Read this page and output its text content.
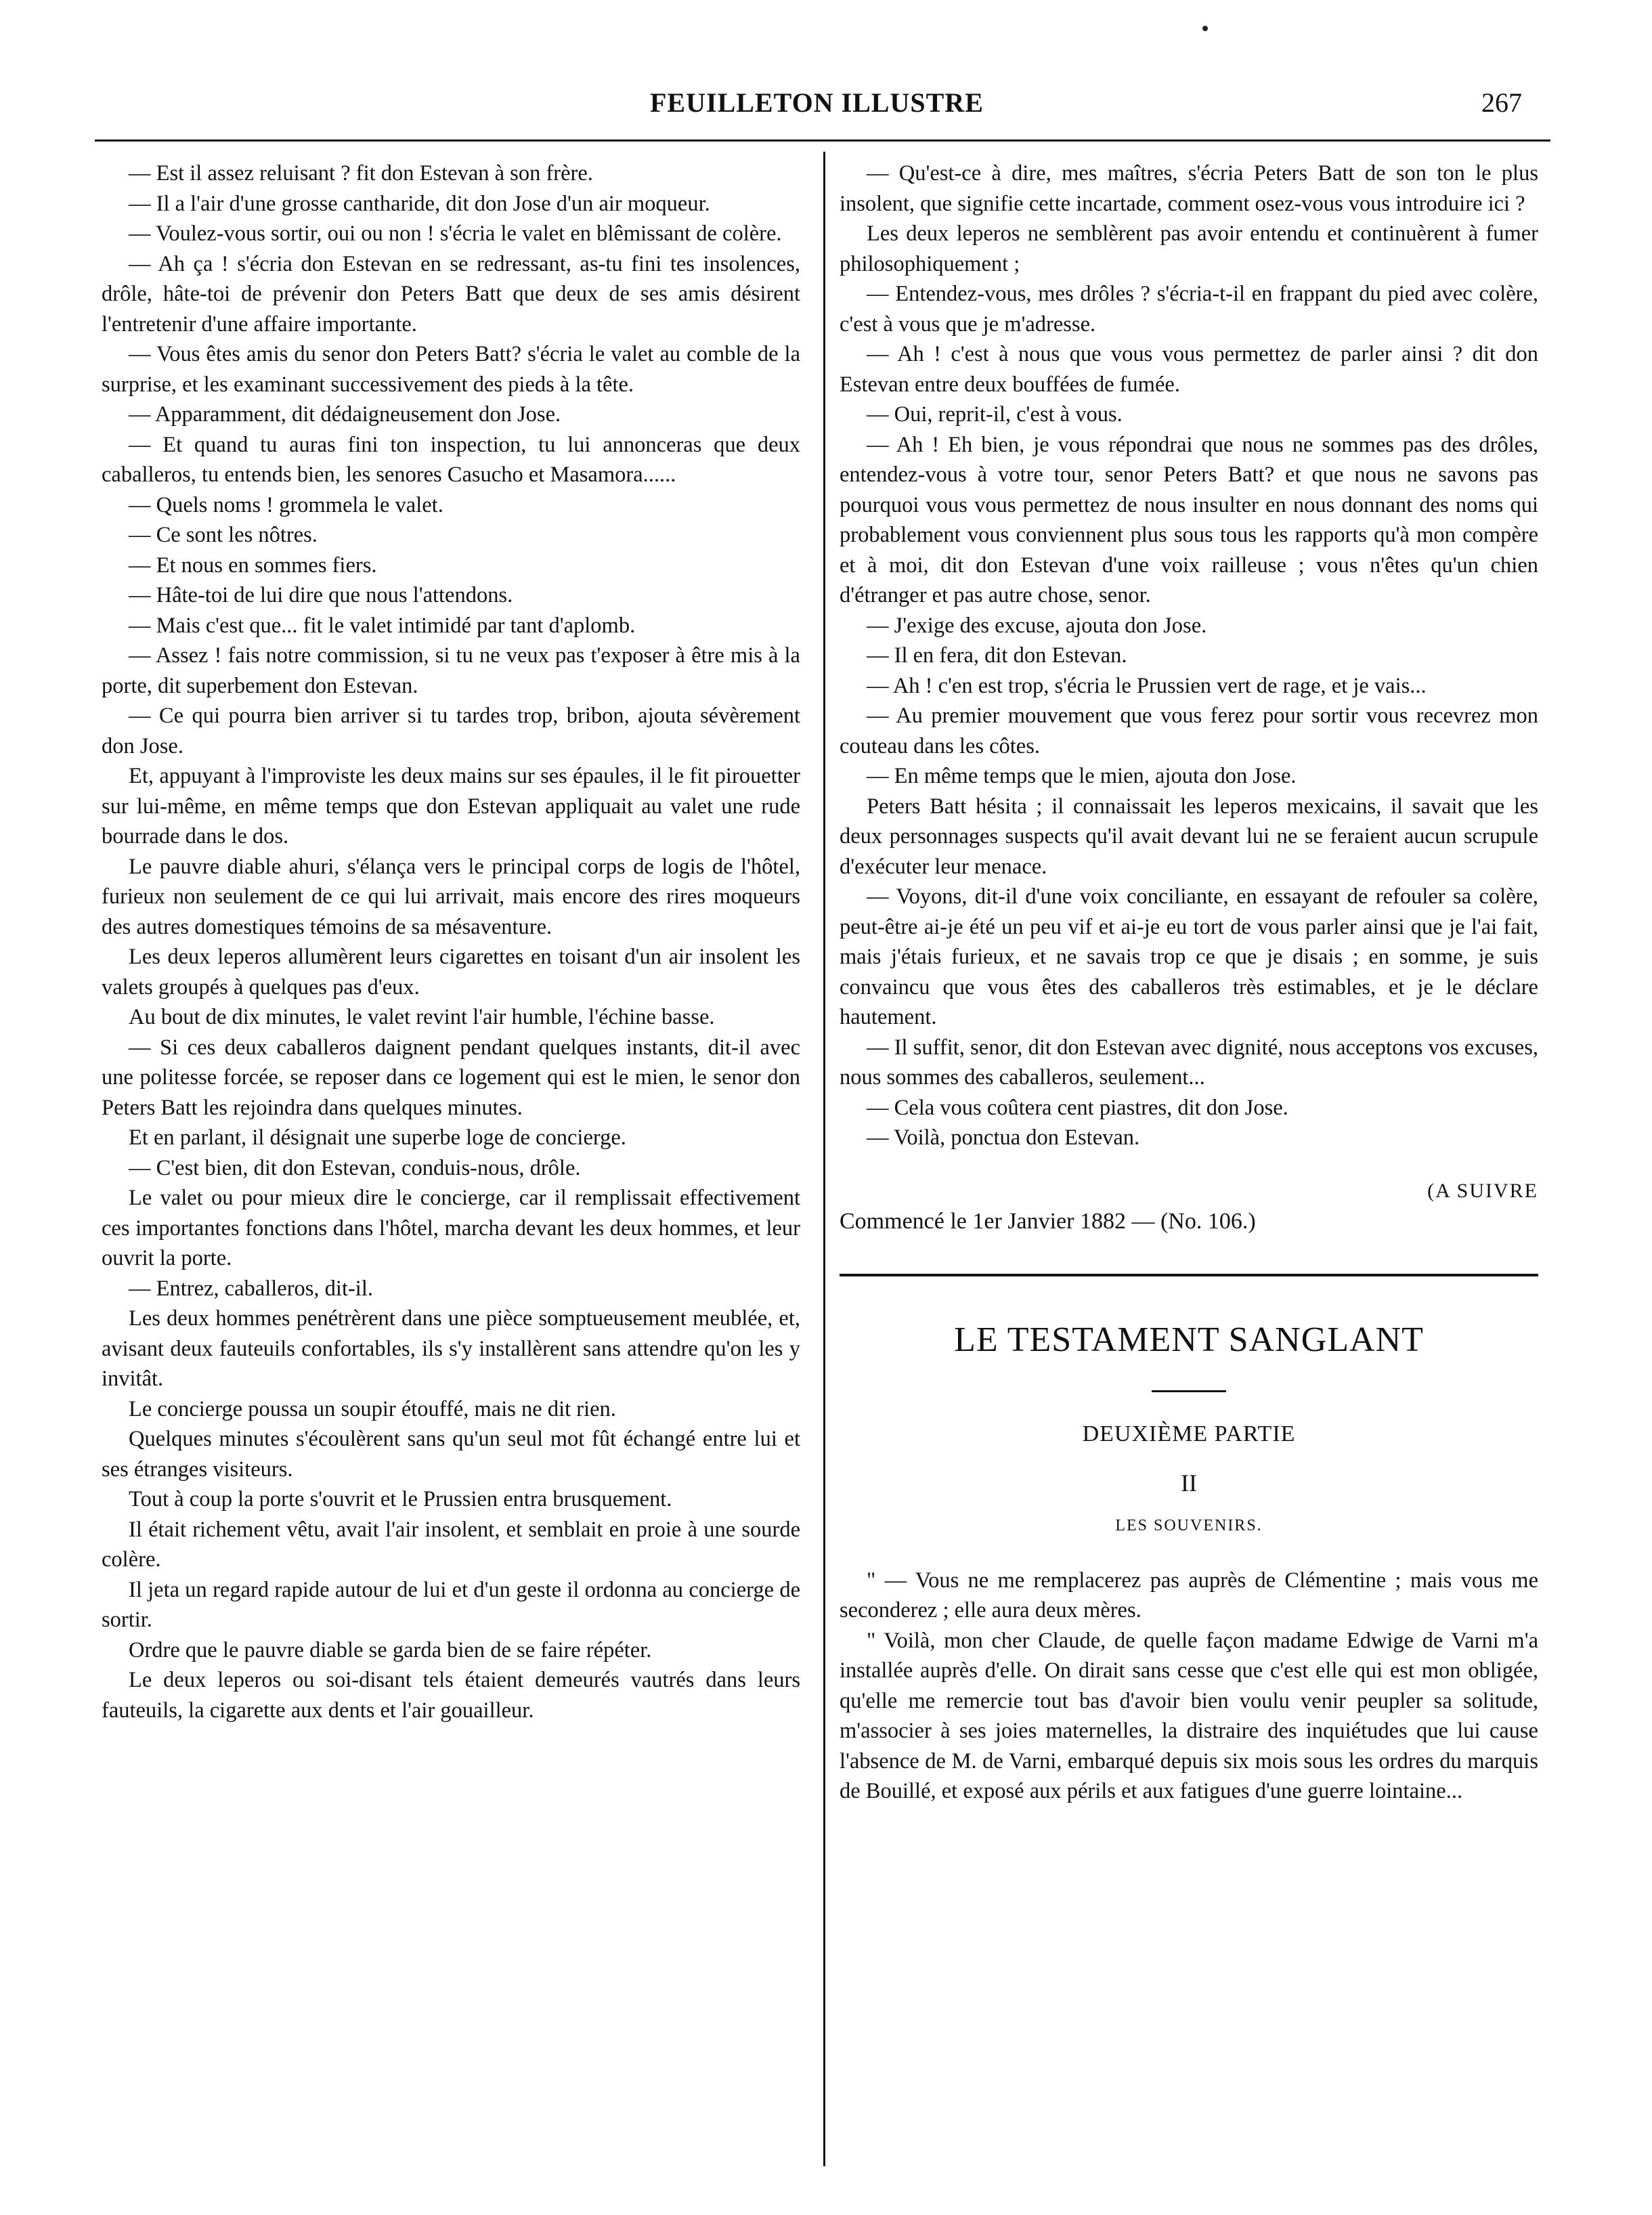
FEUILLETON ILLUSTRE	267

— Est il assez reluisant ? fit don Estevan à son frère.

— Il a l'air d'une grosse cantharide, dit don Jose d'un air moqueur.

— Voulez-vous sortir, oui ou non ! s'écria le valet en blêmissant de colère.

— Ah ça ! s'écria don Estevan en se redressant, as-tu fini tes insolences, drôle, hâte-toi de prévenir don Peters Batt que deux de ses amis désirent l'entretenir d'une affaire importante.

— Vous êtes amis du senor don Peters Batt? s'écria le valet au comble de la surprise, et les examinant successivement des pieds à la tête.

— Apparamment, dit dédaigneusement don Jose.

— Et quand tu auras fini ton inspection, tu lui annonceras que deux caballeros, tu entends bien, les senores Casucho et Masamora......

— Quels noms ! grommela le valet.

— Ce sont les nôtres.

— Et nous en sommes fiers.

— Hâte-toi de lui dire que nous l'attendons.

— Mais c'est que... fit le valet intimidé par tant d'aplomb.

— Assez ! fais notre commission, si tu ne veux pas t'exposer à être mis à la porte, dit superbement don Estevan.

— Ce qui pourra bien arriver si tu tardes trop, bribon, ajouta sévèrement don Jose.

Et, appuyant à l'improviste les deux mains sur ses épaules, il le fit pirouetter sur lui-même, en même temps que don Estevan appliquait au valet une rude bourrade dans le dos.

Le pauvre diable ahuri, s'élança vers le principal corps de logis de l'hôtel, furieux non seulement de ce qui lui arrivait, mais encore des rires moqueurs des autres domestiques témoins de sa mésaventure.

Les deux leperos allumèrent leurs cigarettes en toisant d'un air insolent les valets groupés à quelques pas d'eux.

Au bout de dix minutes, le valet revint l'air humble, l'échine basse.

— Si ces deux caballeros daignent pendant quelques instants, dit-il avec une politesse forcée, se reposer dans ce logement qui est le mien, le senor don Peters Batt les rejoindra dans quelques minutes.

Et en parlant, il désignait une superbe loge de concierge.

— C'est bien, dit don Estevan, conduis-nous, drôle.

Le valet ou pour mieux dire le concierge, car il remplissait effectivement ces importantes fonctions dans l'hôtel, marcha devant les deux hommes, et leur ouvrit la porte.

— Entrez, caballeros, dit-il.

Les deux hommes penétrèrent dans une pièce somptueusement meublée, et, avisant deux fauteuils confortables, ils s'y installèrent sans attendre qu'on les y invitât.

Le concierge poussa un soupir étouffé, mais ne dit rien.

Quelques minutes s'écoulèrent sans qu'un seul mot fût échangé entre lui et ses étranges visiteurs.

Tout à coup la porte s'ouvrit et le Prussien entra brusquement.

Il était richement vêtu, avait l'air insolent, et semblait en proie à une sourde colère.

Il jeta un regard rapide autour de lui et d'un geste il ordonna au concierge de sortir.

Ordre que le pauvre diable se garda bien de se faire répéter.

Le deux leperos ou soi-disant tels étaient demeurés vautrés dans leurs fauteuils, la cigarette aux dents et l'air gouailleur.

— Qu'est-ce à dire, mes maîtres, s'écria Peters Batt de son ton le plus insolent, que signifie cette incartade, comment osez-vous vous introduire ici ?

Les deux leperos ne semblèrent pas avoir entendu et continuèrent à fumer philosophiquement ;

— Entendez-vous, mes drôles ? s'écria-t-il en frappant du pied avec colère, c'est à vous que je m'adresse.

— Ah ! c'est à nous que vous vous permettez de parler ainsi ? dit don Estevan entre deux bouffées de fumée.

— Oui, reprit-il, c'est à vous.

— Ah ! Eh bien, je vous répondrai que nous ne sommes pas des drôles, entendez-vous à votre tour, senor Peters Batt? et que nous ne savons pas pourquoi vous vous permettez de nous insulter en nous donnant des noms qui probablement vous conviennent plus sous tous les rapports qu'à mon compère et à moi, dit don Estevan d'une voix railleuse ; vous n'êtes qu'un chien d'étranger et pas autre chose, senor.

— J'exige des excuse, ajouta don Jose.

— Il en fera, dit don Estevan.

— Ah ! c'en est trop, s'écria le Prussien vert de rage, et je vais...

— Au premier mouvement que vous ferez pour sortir vous recevrez mon couteau dans les côtes.

— En même temps que le mien, ajouta don Jose.

Peters Batt hésita ; il connaissait les leperos mexicains, il savait que les deux personnages suspects qu'il avait devant lui ne se feraient aucun scrupule d'exécuter leur menace.

— Voyons, dit-il d'une voix conciliante, en essayant de refouler sa colère, peut-être ai-je été un peu vif et ai-je eu tort de vous parler ainsi que je l'ai fait, mais j'étais furieux, et ne savais trop ce que je disais ; en somme, je suis convaincu que vous êtes des caballeros très estimables, et je le déclare hautement.

— Il suffit, senor, dit don Estevan avec dignité, nous acceptons vos excuses, nous sommes des caballeros, seulement...

— Cela vous coûtera cent piastres, dit don Jose.

— Voilà, ponctua don Estevan.

(A SUIVRE

Commencé le 1er Janvier 1882 — (No. 106.)

LE TESTAMENT SANGLANT
DEUXIÈME PARTIE
II
LES SOUVENIRS.

" — Vous ne me remplacerez pas auprès de Clémentine ; mais vous me seconderez ; elle aura deux mères.

" Voilà, mon cher Claude, de quelle façon madame Edwige de Varni m'a installée auprès d'elle. On dirait sans cesse que c'est elle qui est mon obligée, qu'elle me remercie tout bas d'avoir bien voulu venir peupler sa solitude, m'associer à ses joies maternelles, la distraire des inquiétudes que lui cause l'absence de M. de Varni, embarqué depuis six mois sous les ordres du marquis de Bouillé, et exposé aux périls et aux fatigues d'une guerre lointaine...
